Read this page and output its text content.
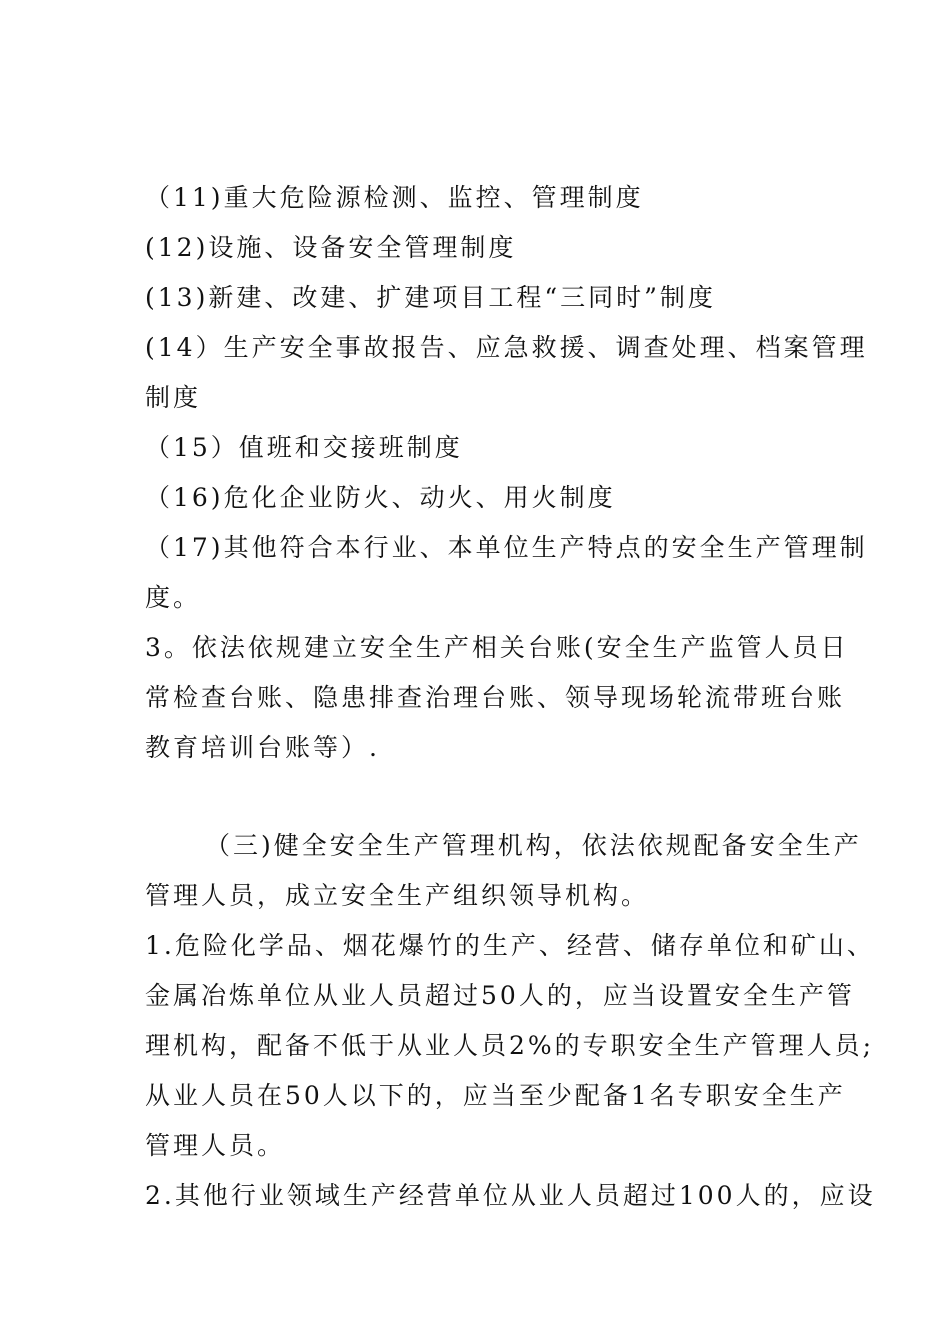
（11)重大危险源检测、监控、管理制度
(12)设施、设备安全管理制度
(13)新建、改建、扩建项目工程“三同时”制度
(14）生产安全事故报告、应急救援、调查处理、档案管理
制度
（15）值班和交接班制度
（16)危化企业防火、动火、用火制度
（17)其他符合本行业、本单位生产特点的安全生产管理制
度。
3。依法依规建立安全生产相关台账(安全生产监管人员日
常检查台账、隐患排查治理台账、领导现场轮流带班台账
教育培训台账等）.
（三)健全安全生产管理机构，依法依规配备安全生产
管理人员，成立安全生产组织领导机构。
1.危险化学品、烟花爆竹的生产、经营、储存单位和矿山、
金属冶炼单位从业人员超过50人的，应当设置安全生产管
理机构，配备不低于从业人员2%的专职安全生产管理人员;
从业人员在50人以下的，应当至少配备1名专职安全生产
管理人员。
2.其他行业领域生产经营单位从业人员超过100人的，应设
